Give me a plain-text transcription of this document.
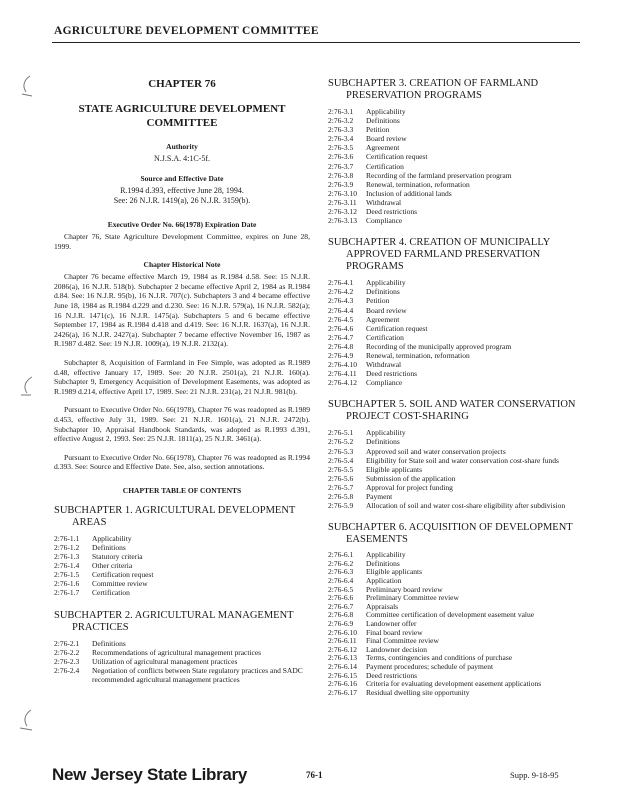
AGRICULTURE DEVELOPMENT COMMITTEE
CHAPTER 76
STATE AGRICULTURE DEVELOPMENT COMMITTEE
Authority
N.J.S.A. 4:1C-5f.
Source and Effective Date
R.1994 d.393, effective June 28, 1994.
See: 26 N.J.R. 1419(a), 26 N.J.R. 3159(b).
Executive Order No. 66(1978) Expiration Date
Chapter 76, State Agriculture Development Committee, expires on June 28, 1999.
Chapter Historical Note
Chapter 76 became effective March 19, 1984 as R.1984 d.58. See: 15 N.J.R. 2086(a), 16 N.J.R. 518(b). Subchapter 2 became effective April 2, 1984 as R.1984 d.84. See: 16 N.J.R. 95(b), 16 N.J.R. 707(c). Subchapters 3 and 4 became effective June 18, 1984 as R.1984 d.229 and d.230. See: 16 N.J.R. 579(a), 16 N.J.R. 582(a); 16 N.J.R. 1471(c), 16 N.J.R. 1475(a). Subchapters 5 and 6 became effective September 17, 1984 as R.1984 d.418 and d.419. See: 16 N.J.R. 1637(a), 16 N.J.R. 2426(a), 16 N.J.R. 2427(a). Subchapter 7 became effective November 16, 1987 as R.1987 d.482. See: 19 N.J.R. 1009(a), 19 N.J.R. 2132(a).
Subchapter 8, Acquisition of Farmland in Fee Simple, was adopted as R.1989 d.48, effective January 17, 1989. See: 20 N.J.R. 2501(a), 21 N.J.R. 160(a). Subchapter 9, Emergency Acquisition of Development Easements, was adopted as R.1989 d.214, effective April 17, 1989. See: 21 N.J.R. 231(a), 21 N.J.R. 981(b).
Pursuant to Executive Order No. 66(1978), Chapter 76 was readopted as R.1989 d.453, effective July 31, 1989. See: 21 N.J.R. 1601(a), 21 N.J.R. 2472(b). Subchapter 10, Appraisal Handbook Standards, was adopted as R.1993 d.391, effective August 2, 1993. See: 25 N.J.R. 1811(a), 25 N.J.R. 3461(a).
Pursuant to Executive Order No. 66(1978), Chapter 76 was readopted as R.1994 d.393. See: Source and Effective Date. See, also, section annotations.
CHAPTER TABLE OF CONTENTS
SUBCHAPTER 1. AGRICULTURAL DEVELOPMENT AREAS
2:76-1.1	Applicability
2:76-1.2	Definitions
2:76-1.3	Statutory criteria
2:76-1.4	Other criteria
2:76-1.5	Certification request
2:76-1.6	Committee review
2:76-1.7	Certification
SUBCHAPTER 2. AGRICULTURAL MANAGEMENT PRACTICES
2:76-2.1	Definitions
2:76-2.2	Recommendations of agricultural management practices
2:76-2.3	Utilization of agricultural management practices
2:76-2.4	Negotiation of conflicts between State regulatory practices and SADC recommended agricultural management practices
SUBCHAPTER 3. CREATION OF FARMLAND PRESERVATION PROGRAMS
2:76-3.1	Applicability
2:76-3.2	Definitions
2:76-3.3	Petition
2:76-3.4	Board review
2:76-3.5	Agreement
2:76-3.6	Certification request
2:76-3.7	Certification
2:76-3.8	Recording of the farmland preservation program
2:76-3.9	Renewal, termination, reformation
2:76-3.10	Inclusion of additional lands
2:76-3.11	Withdrawal
2:76-3.12	Deed restrictions
2:76-3.13	Compliance
SUBCHAPTER 4. CREATION OF MUNICIPALLY APPROVED FARMLAND PRESERVATION PROGRAMS
2:76-4.1	Applicability
2:76-4.2	Definitions
2:76-4.3	Petition
2:76-4.4	Board review
2:76-4.5	Agreement
2:76-4.6	Certification request
2:76-4.7	Certification
2:76-4.8	Recording of the municipally approved program
2:76-4.9	Renewal, termination, reformation
2:76-4.10	Withdrawal
2:76-4.11	Deed restrictions
2:76-4.12	Compliance
SUBCHAPTER 5. SOIL AND WATER CONSERVATION PROJECT COST-SHARING
2:76-5.1	Applicability
2:76-5.2	Definitions
2:76-5.3	Approved soil and water conservation projects
2:76-5.4	Eligibility for State soil and water conservation cost-share funds
2:76-5.5	Eligible applicants
2:76-5.6	Submission of the application
2:76-5.7	Approval for project funding
2:76-5.8	Payment
2:76-5.9	Allocation of soil and water cost-share eligibility after subdivision
SUBCHAPTER 6. ACQUISITION OF DEVELOPMENT EASEMENTS
2:76-6.1	Applicability
2:76-6.2	Definitions
2:76-6.3	Eligible applicants
2:76-6.4	Application
2:76-6.5	Preliminary board review
2:76-6.6	Preliminary Committee review
2:76-6.7	Appraisals
2:76-6.8	Committee certification of development easement value
2:76-6.9	Landowner offer
2:76-6.10	Final board review
2:76-6.11	Final Committee review
2:76-6.12	Landowner decision
2:76-6.13	Terms, contingencies and conditions of purchase
2:76-6.14	Payment procedures; schedule of payment
2:76-6.15	Deed restrictions
2:76-6.16	Criteria for evaluating development easement applications
2:76-6.17	Residual dwelling site opportunity
New Jersey State Library	76-1	Supp. 9-18-95
